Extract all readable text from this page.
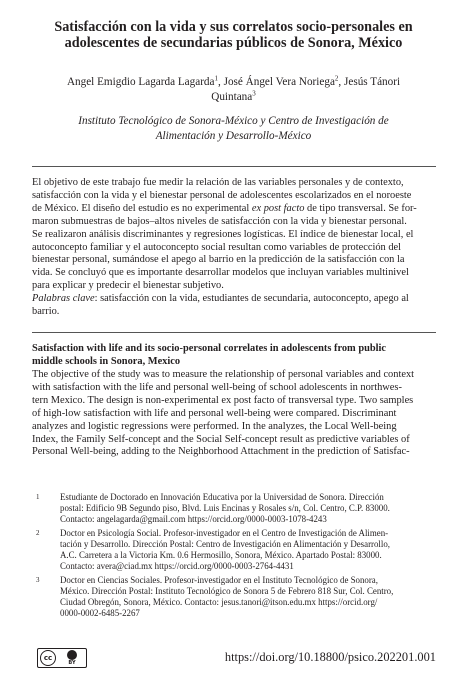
Satisfacción con la vida y sus correlatos socio-personales en
adolescentes de secundarias públicos de Sonora, México
Angel Emigdio Lagarda Lagarda$^1$, José Ángel Vera Noriega$^2$, Jesús Tánori
Quintana$^3$
Instituto Tecnológico de Sonora-México y Centro de Investigación de
Alimentación y Desarrollo-México

El objetivo de este trabajo fue medir la relación de las variables personales y de contexto,

satisfacción con la vida y el bienestar personal de adolescentes escolarizados en el noroeste

de México. El diseño del estudio es no experimental ex post facto de tipo transversal. Se for-

maron submuestras de bajos–altos niveles de satisfacción con la vida y bienestar personal.

Se realizaron análisis discriminantes y regresiones logísticas. El índice de bienestar local, el

autoconcepto familiar y el autoconcepto social resultan como variables de protección del

bienestar personal, sumándose el apego al barrio en la predicción de la satisfacción con la

vida. Se concluyó que es importante desarrollar modelos que incluyan variables multinivel

para explicar y predecir el bienestar subjetivo.

Palabras clave: satisfacción con la vida, estudiantes de secundaria, autoconcepto, apego al

barrio.

Satisfaction with life and its socio-personal correlates in adolescents from public
middle schools in Sonora, Mexico
The objective of the study was to measure the relationship of personal variables and context
with satisfaction with the life and personal well-being of school adolescents in northwes-
tern Mexico. The design is non-experimental ex post facto of transversal type. Two samples
of high-low satisfaction with life and personal well-being were compared. Discriminant
analyzes and logistic regressions were performed. In the analyzes, the Local Well-being
Index, the Family Self-concept and the Social Self-concept result as predictive variables of
Personal Well-being, adding to the Neighborhood Attachment in the prediction of Satisfac-
1 Estudiante de Doctorado en Innovación Educativa por la Universidad de Sonora. Dirección

postal: Edificio 9B Segundo piso, Blvd. Luis Encinas y Rosales s/n, Col. Centro, C.P. 83000.

Contacto: angelagarda@gmail.com https://orcid.org/0000-0003-1078-4243

2 Doctor en Psicología Social. Profesor-investigador en el Centro de Investigación de Alimen-

tación y Desarrollo. Dirección Postal: Centro de Investigación en Alimentación y Desarrollo,

A.C. Carretera a la Victoria Km. 0.6 Hermosillo, Sonora, México. Apartado Postal: 83000.

Contacto: avera@ciad.mx https://orcid.org/0000-0003-2764-4431

3 Doctor en Ciencias Sociales. Profesor-investigador en el Instituto Tecnológico de Sonora,

México. Dirección Postal: Instituto Tecnológico de Sonora 5 de Febrero 818 Sur, Col. Centro,

Ciudad Obregón, Sonora, México. Contacto: jesus.tanori@itson.edu.mx https://orcid.org/

0000-0002-6485-2267

cc
BY	https://doi.org/10.18800/psico.202201.001
